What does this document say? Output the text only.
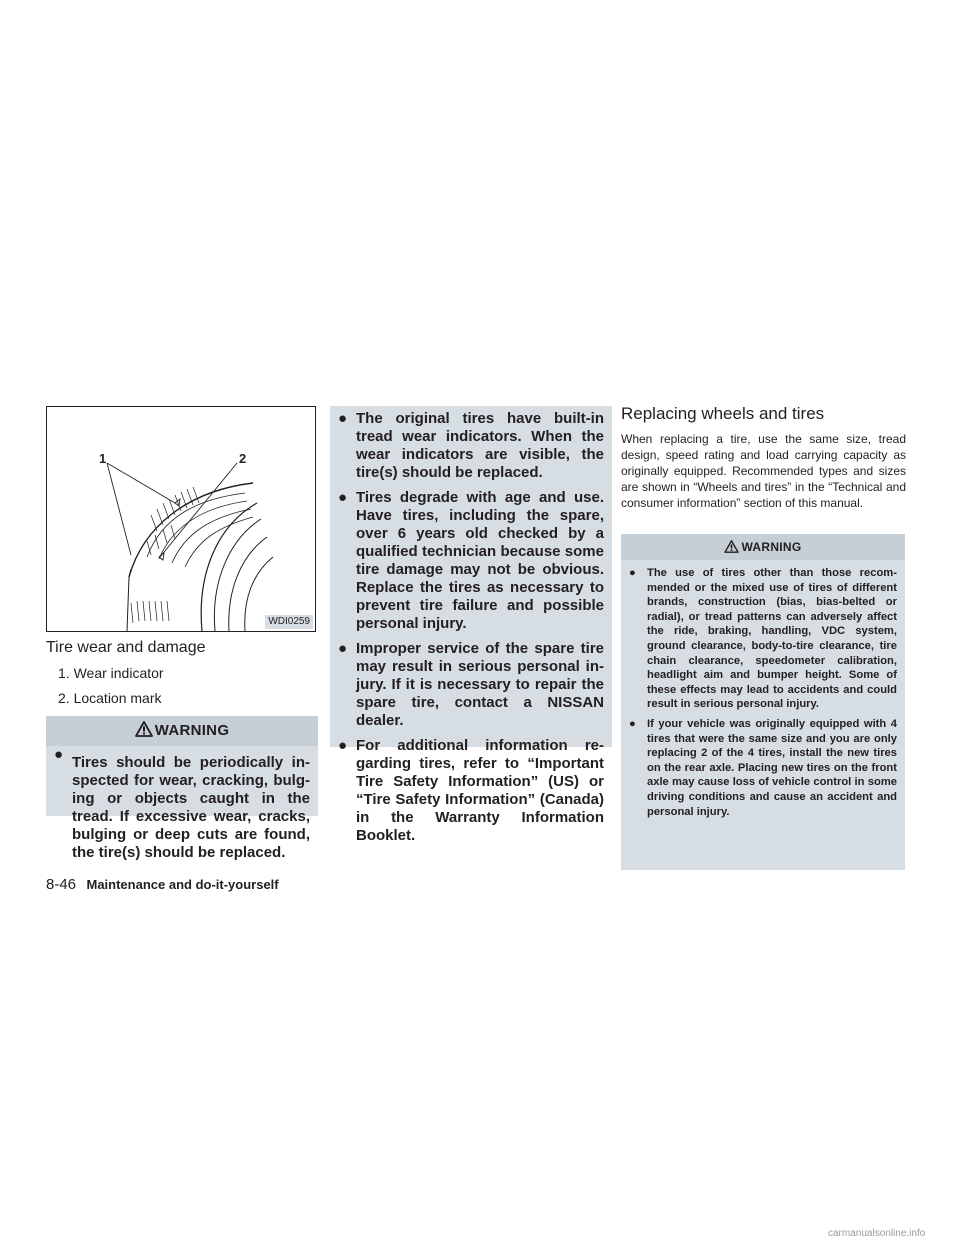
1	2
WDI0259
Tire wear and damage
1. Wear indicator
2. Location mark
WARNING
● Tires should be periodically inspected for wear, cracking, bulging or objects caught in the tread. If excessive wear, cracks, bulging or deep cuts are found, the tire(s) should be replaced.
● The original tires have built-in tread wear indicators. When the wear indicators are visible, the tire(s) should be replaced.
● Tires degrade with age and use. Have tires, including the spare, over 6 years old checked by a qualified technician because some tire damage may not be obvious. Replace the tires as necessary to prevent tire failure and possible personal injury.
● Improper service of the spare tire may result in serious personal injury. If it is necessary to repair the spare tire, contact a NISSAN dealer.
● For additional information regarding tires, refer to “Important Tire Safety Information” (US) or “Tire Safety Information” (Canada) in the Warranty Information Booklet.
Replacing wheels and tires
When replacing a tire, use the same size, tread design, speed rating and load carrying capacity as originally equipped. Recommended types and sizes are shown in “Wheels and tires” in the “Technical and consumer information” section of this manual.
WARNING
● The use of tires other than those recommended or the mixed use of tires of different brands, construction (bias, bias-belted or radial), or tread patterns can adversely affect the ride, braking, handling, VDC system, ground clearance, body-to-tire clearance, tire chain clearance, speedometer calibration, headlight aim and bumper height. Some of these effects may lead to accidents and could result in serious personal injury.
● If your vehicle was originally equipped with 4 tires that were the same size and you are only replacing 2 of the 4 tires, install the new tires on the rear axle. Placing new tires on the front axle may cause loss of vehicle control in some driving conditions and cause an accident and personal injury.
8-46 Maintenance and do-it-yourself
carmanualsonline.info
